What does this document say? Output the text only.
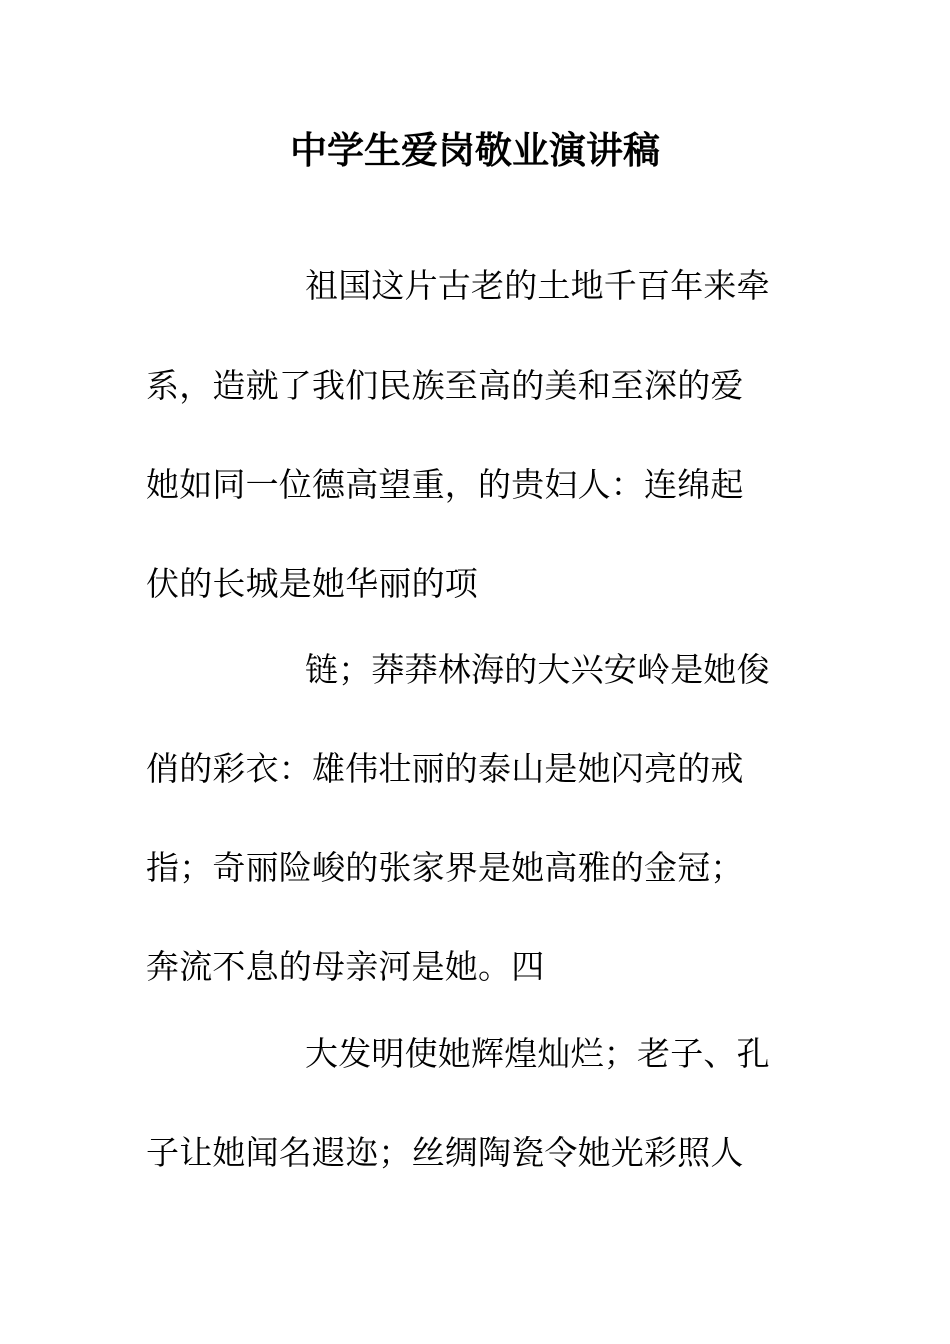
中学生爱岗敬业演讲稿
祖国这片古老的土地千百年来牵
系，造就了我们民族至高的美和至深的爱
她如同一位德高望重，的贵妇人：连绵起
伏的长城是她华丽的项
链；莽莽林海的大兴安岭是她俊
俏的彩衣：雄伟壮丽的泰山是她闪亮的戒
指；奇丽险峻的张家界是她高雅的金冠；
奔流不息的母亲河是她。四
大发明使她辉煌灿烂；老子、孔
子让她闻名遐迩；丝绸陶瓷令她光彩照人
